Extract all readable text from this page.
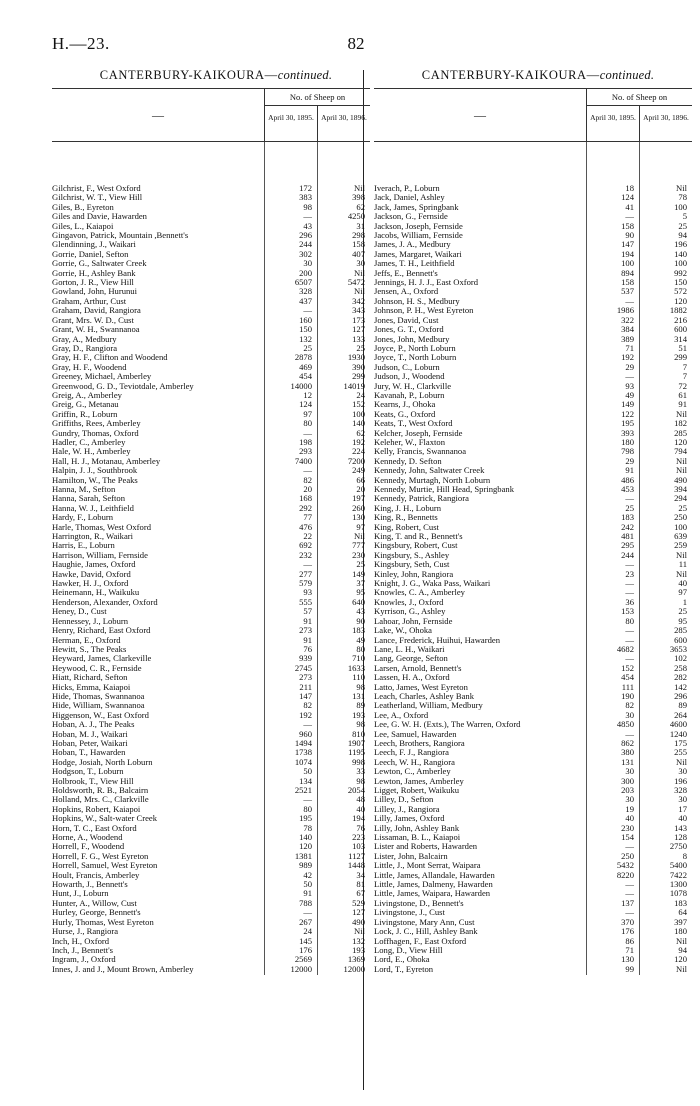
H.—23.	82
CANTERBURY-KAIKOURA—continued.
—
No. of Sheep on
April 30, 1895. April 30, 1896.
Gilchrist, F., West Oxford	172	Nil
Gilchrist, W. T., View Hill	383	398
Giles, B., Eyreton	98	62
Giles and Davie, Hawarden	—	4250
Giles, L., Kaiapoi	43	31
Gingavon, Patrick, Mountain ,Bennett's	296	298
Glendinning, J., Waikari	244	158
Gorrie, Daniel, Sefton	302	407
Gorrie, G., Saltwater Creek	30	30
Gorrie, H., Ashley Bank	200	Nil
Gorton, J. R., View Hill	6507	5472
Gowland, John, Hurunui	328	Nil
Graham, Arthur, Cust	437	342
Graham, David, Rangiora	—	343
Grant, Mrs. W. D., Cust	160	173
Grant, W. H., Swannanoa	150	127
Gray, A., Medbury	132	133
Gray, D., Rangiora	25	25
Gray, H. F., Clifton and Woodend	2878	1930
Gray, H. F., Woodend	469	390
Greeney, Michael, Amberley	454	299
Greenwood, G. D., Teviotdale, Amberley	14000	14019
Greig, A., Amberley	12	24
Greig, G., Metanau	124	152
Griffin, R., Loburn	97	100
Griffiths, Rees, Amberley	80	140
Gundry, Thomas, Oxford	—	62
Hadler, C., Amberley	198	192
Hale, W. H., Amberley	293	224
Hall, H. J., Motanau, Amberley	7400	7200
Halpin, J. J., Southbrook	—	249
Hamilton, W., The Peaks	82	66
Hanna, M., Sefton	20	20
Hanna, Sarah, Sefton	168	197
Hanna, W. J., Leithfield	292	260
Hardy, F., Loburn	77	130
Harle, Thomas, West Oxford	476	97
Harrington, R., Waikari	22	Nil
Harris, E., Loburn	692	777
Harrison, William, Fernside	232	230
Haughie, James, Oxford	—	25
Hawke, David, Oxford	277	149
Hawker, H. J., Oxford	579	37
Heinemann, H., Waikuku	93	95
Henderson, Alexander, Oxford	555	640
Heney, D., Cust	57	43
Hennessey, J., Loburn	91	90
Henry, Richard, East Oxford	273	183
Herman, E., Oxford	91	49
Hewitt, S., The Peaks	76	80
Heyward, James, Clarkeville	939	710
Heywood, C. R., Fernside	2745	1633
Hiatt, Richard, Sefton	273	110
Hicks, Emma, Kaiapoi	211	98
Hide, Thomas, Swannanoa	147	131
Hide, William, Swannanoa	82	89
Higgenson, W., East Oxford	192	193
Hoban, A. J., The Peaks	—	98
Hoban, M. J., Waikari	960	810
Hoban, Peter, Waikari	1494	1907
Hoban, T., Hawarden	1738	1195
Hodge, Josiah, North Loburn	1074	998
Hodgson, T., Loburn	50	33
Holbrook, T., View Hill	134	98
Holdsworth, R. B., Balcairn	2521	2054
Holland, Mrs. C., Clarkville	—	48
Hopkins, Robert, Kaiapoi	80	40
Hopkins, W., Salt-water Creek	195	194
Horn, T. C., East Oxford	78	76
Horne, A., Woodend	140	223
Horrell, F., Woodend	120	103
Horrell, F. G., West Eyreton	1381	1127
Horrell, Samuel, West Eyreton	989	1448
Hoult, Francis, Amberley	42	34
Howarth, J., Bennett's	50	81
Hunt, J., Loburn	91	67
Hunter, A., Willow, Cust	788	529
Hurley, George, Bennett's	—	127
Hurly, Thomas, West Eyreton	267	490
Hurse, J., Rangiora	24	Nil
Inch, H., Oxford	145	132
Inch, J., Bennett's	176	193
Ingram, J., Oxford	2569	1369
Innes, J. and J., Mount Brown, Amberley	12000	12000
CANTERBURY-KAIKOURA—continued.
—
No. of Sheep on
April 30, 1895. April 30, 1896.
Iverach, P., Loburn	18	Nil
Jack, Daniel, Ashley	124	78
Jack, James, Springbank	41	100
Jackson, G., Fernside	—	5
Jackson, Joseph, Fernside	158	25
Jacobs, William, Fernside	90	94
James, J. A., Medbury	147	196
James, Margaret, Waikari	194	140
James, T. H., Leithfield	100	100
Jeffs, E., Bennett's	894	992
Jennings, H. J. J., East Oxford	158	150
Jensen, A., Oxford	537	572
Johnson, H. S., Medbury	—	120
Johnson, P. H., West Eyreton	1986	1882
Jones, David, Cust	322	216
Jones, G. T., Oxford	384	600
Jones, John, Medbury	389	314
Joyce, P., North Loburn	71	51
Joyce, T., North Loburn	192	299
Judson, C., Loburn	29	7
Judson, J., Woodend	—	7
Jury, W. H., Clarkville	93	72
Kavanah, P., Loburn	49	61
Kearns, J., Ohoka	149	91
Keats, G., Oxford	122	Nil
Keats, T., West Oxford	195	182
Kelcher, Joseph, Fernside	393	285
Keleher, W., Flaxton	180	120
Kelly, Francis, Swannanoa	798	794
Kennedy, D. Sefton	29	Nil
Kennedy, John, Saltwater Creek	91	Nil
Kennedy, Murtagh, North Loburn	486	490
Kennedy, Murtie, Hill Head, Springbank	453	394
Kennedy, Patrick, Rangiora	—	294
King, J. H., Loburn	25	25
King, R., Bennetts	183	250
King, Robert, Cust	242	100
King, T. and R., Bennett's	481	639
Kingsbury, Robert, Cust	295	259
Kingsbury, S., Ashley	244	Nil
Kingsbury, Seth, Cust	—	11
Kinley, John, Rangiora	23	Nil
Knight, J. G., Waka Pass, Waikari	—	40
Knowles, C. A., Amberley	—	97
Knowles, J., Oxford	36	1
Kyrrison, G., Ashley	153	25
Lahoar, John, Fernside	80	95
Lake, W., Ohoka	—	285
Lance, Frederick, Huihui, Hawarden	—	600
Lane, L. H., Waikari	4682	3653
Lang, George, Sefton	—	102
Larsen, Arnold, Bennett's	152	258
Lassen, H. A., Oxford	454	282
Latto, James, West Eyreton	111	142
Leach, Charles, Ashley Bank	190	296
Leatherland, William, Medbury	82	89
Lee, A., Oxford	30	264
Lee, G. W. H. (Exts.), The Warren, Oxford	4850	4600
Lee, Samuel, Hawarden	—	1240
Leech, Brothers, Rangiora	862	175
Leech, F. J., Rangiora	380	255
Leech, W. H., Rangiora	131	Nil
Lewton, C., Amberley	30	30
Lewton, James, Amberley	300	196
Ligget, Robert, Waikuku	203	328
Lilley, D., Sefton	30	30
Lilley, J., Rangiora	19	17
Lilly, James, Oxford	40	40
Lilly, John, Ashley Bank	230	143
Lissaman, B. L., Kaiapoi	154	128
Lister and Roberts, Hawarden	—	2750
Lister, John, Balcairn	250	8
Little, J., Mont Serrat, Waipara	5432	5400
Little, James, Allandale, Hawarden	8220	7422
Little, James, Dalmeny, Hawarden	—	1300
Little, James, Waipara, Hawarden	—	1078
Livingstone, D., Bennett's	137	183
Livingstone, J., Cust	—	64
Livingstone, Mary Ann, Cust	370	397
Lock, J. C., Hill, Ashley Bank	176	180
Loffhagen, F., East Oxford	86	Nil
Long, D., View Hill	71	94
Lord, E., Ohoka	130	120
Lord, T., Eyreton	99	Nil
